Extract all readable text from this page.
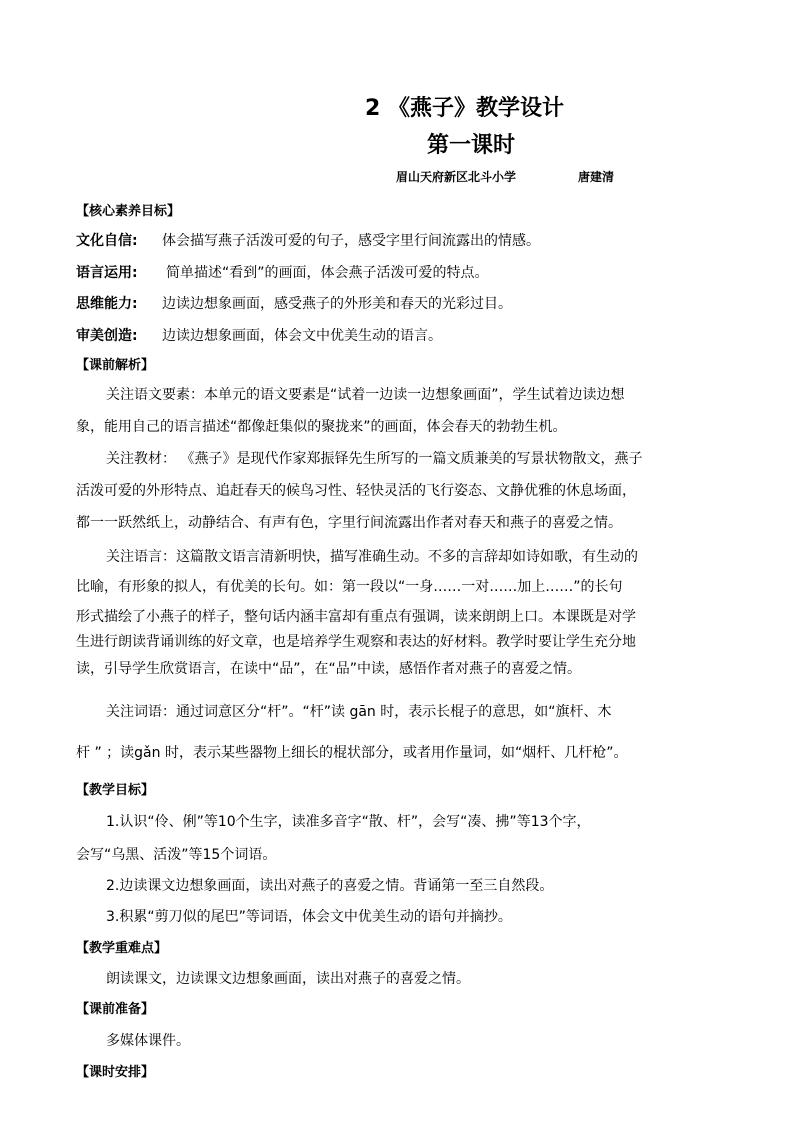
2 《燕子》教学设计
第一课时
眉山天府新区北斗小学	唐建清
【核心素养目标】
文化自信: 体会描写燕子活泼可爱的句子，感受字里行间流露出的情感。
语言运用: 简单描述“看到”的画面，体会燕子活泼可爱的特点。
思维能力: 边读边想象画面，感受燕子的外形美和春天的光彩过目。
审美创造: 边读边想象画面，体会文中优美生动的语言。
【课前解析】
关注语文要素：本单元的语文要素是“试着一边读一边想象画面”，学生试着边读边想
象，能用自己的语言描述“都像赶集似的聚拢来”的画面，体会春天的勃勃生机。
关注教材： 《燕子》是现代作家郑振铎先生所写的一篇文质兼美的写景状物散文，燕子
活泼可爱的外形特点、追赶春天的候鸟习性、轻快灵活的飞行姿态、文静优雅的休息场面，
都一一跃然纸上，动静结合、有声有色，字里行间流露出作者对春天和燕子的喜爱之情。
关注语言：这篇散文语言清新明快，描写准确生动。不多的言辞却如诗如歌，有生动的
比喻，有形象的拟人，有优美的长句。如：第一段以“一身……一对……加上……”的长句
形式描绘了小燕子的样子，整句话内涵丰富却有重点有强调，读来朗朗上口。本课既是对学
生进行朗读背诵训练的好文章，也是培养学生观察和表达的好材料。教学时要让学生充分地
读，引导学生欣赏语言，在读中“品”，在“品”中读，感悟作者对燕子的喜爱之情。
关注词语：通过词意区分“杆”。“杆”读 gān 时，表示长棍子的意思，如“旗杆、木
杆 ” ；读gǎn 时，表示某些器物上细长的棍状部分，或者用作量词，如“烟杆、几杆枪”。
【教学目标】
1.认识“伶、俐”等10个生字，读准多音字“散、杆”，会写“凑、拂”等13个字，
会写“乌黑、活泼”等15个词语。
2.边读课文边想象画面，读出对燕子的喜爱之情。背诵第一至三自然段。
3.积累“剪刀似的尾巴”等词语，体会文中优美生动的语句并摘抄。
【教学重难点】
朗读课文，边读课文边想象画面，读出对燕子的喜爱之情。
【课前准备】
多媒体课件。
【课时安排】
